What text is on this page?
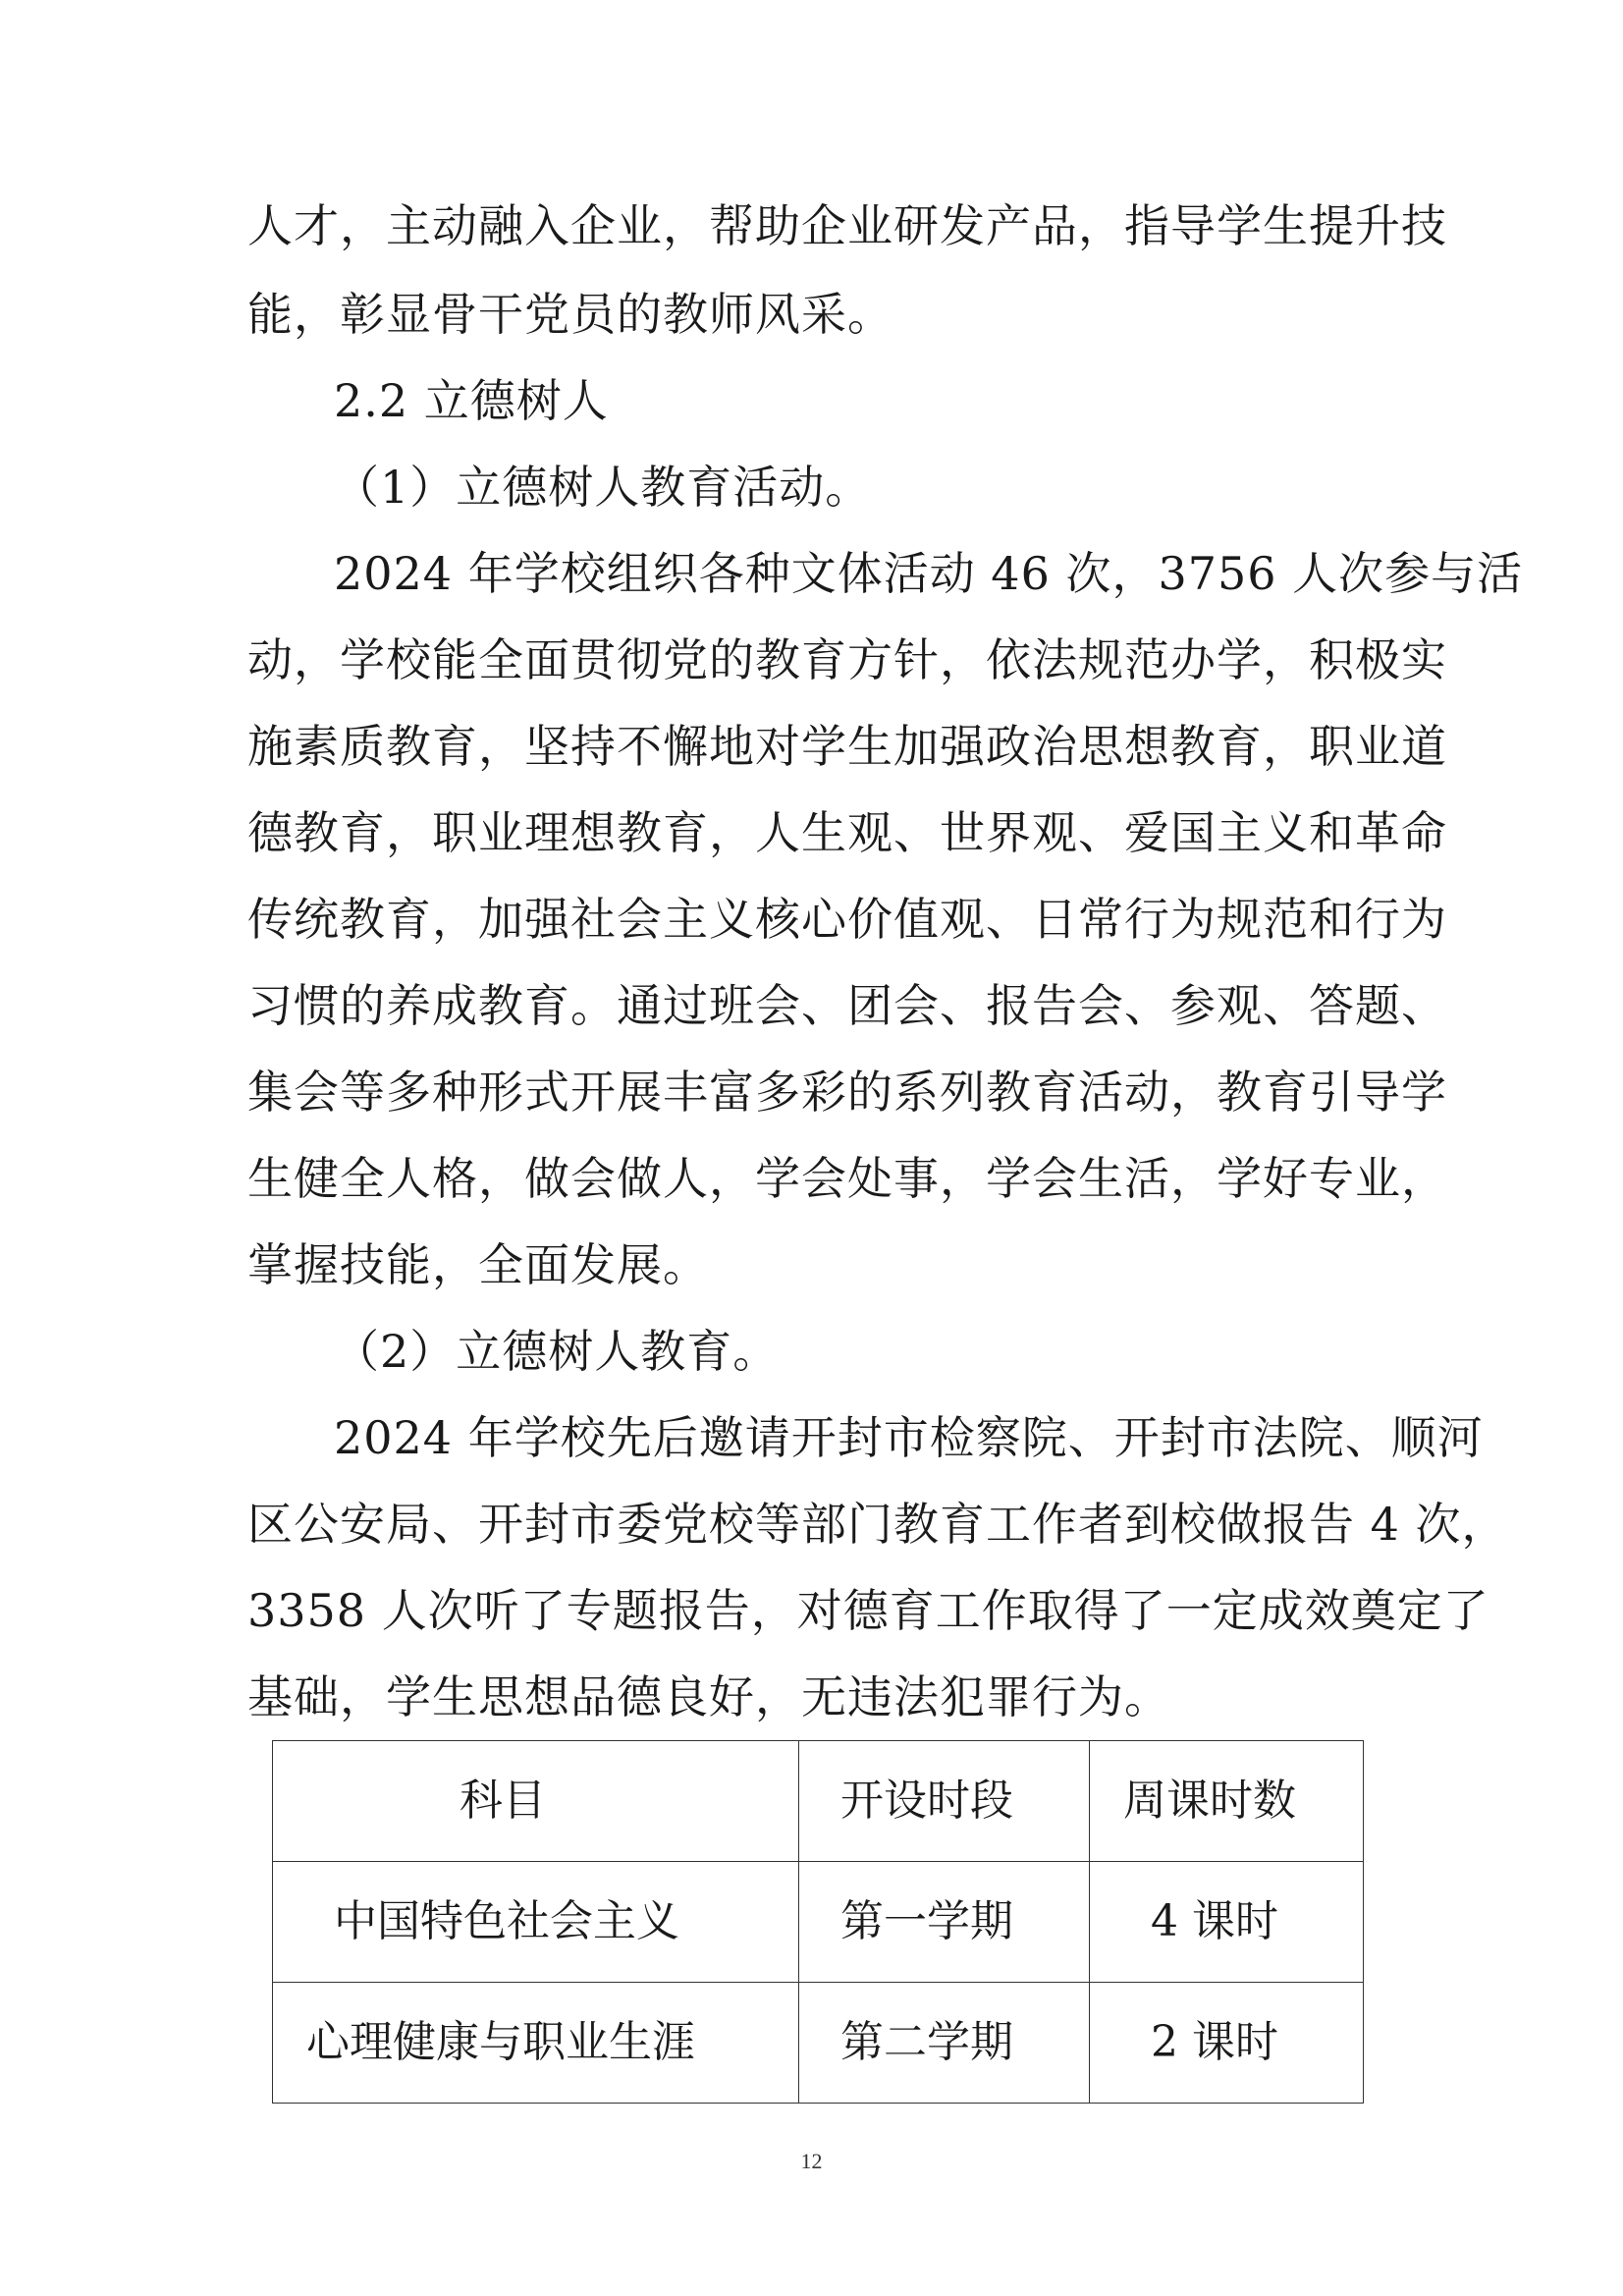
人才，主动融入企业，帮助企业研发产品，指导学生提升技
能，彰显骨干党员的教师风采。
2.2 立德树人
（1）立德树人教育活动。
2024 年学校组织各种文体活动 46 次，3756 人次参与活
动，学校能全面贯彻党的教育方针，依法规范办学，积极实
施素质教育，坚持不懈地对学生加强政治思想教育，职业道
德教育，职业理想教育，人生观、世界观、爱国主义和革命
传统教育，加强社会主义核心价值观、日常行为规范和行为
习惯的养成教育。通过班会、团会、报告会、参观、答题、
集会等多种形式开展丰富多彩的系列教育活动，教育引导学
生健全人格，做会做人，学会处事，学会生活，学好专业，
掌握技能，全面发展。
（2）立德树人教育。
2024 年学校先后邀请开封市检察院、开封市法院、顺河
区公安局、开封市委党校等部门教育工作者到校做报告 4 次，
3358 人次听了专题报告，对德育工作取得了一定成效奠定了
基础，学生思想品德良好，无违法犯罪行为。
科目	开设时段	周课时数
中国特色社会主义	第一学期	4 课时
心理健康与职业生涯	第二学期	2 课时
12
